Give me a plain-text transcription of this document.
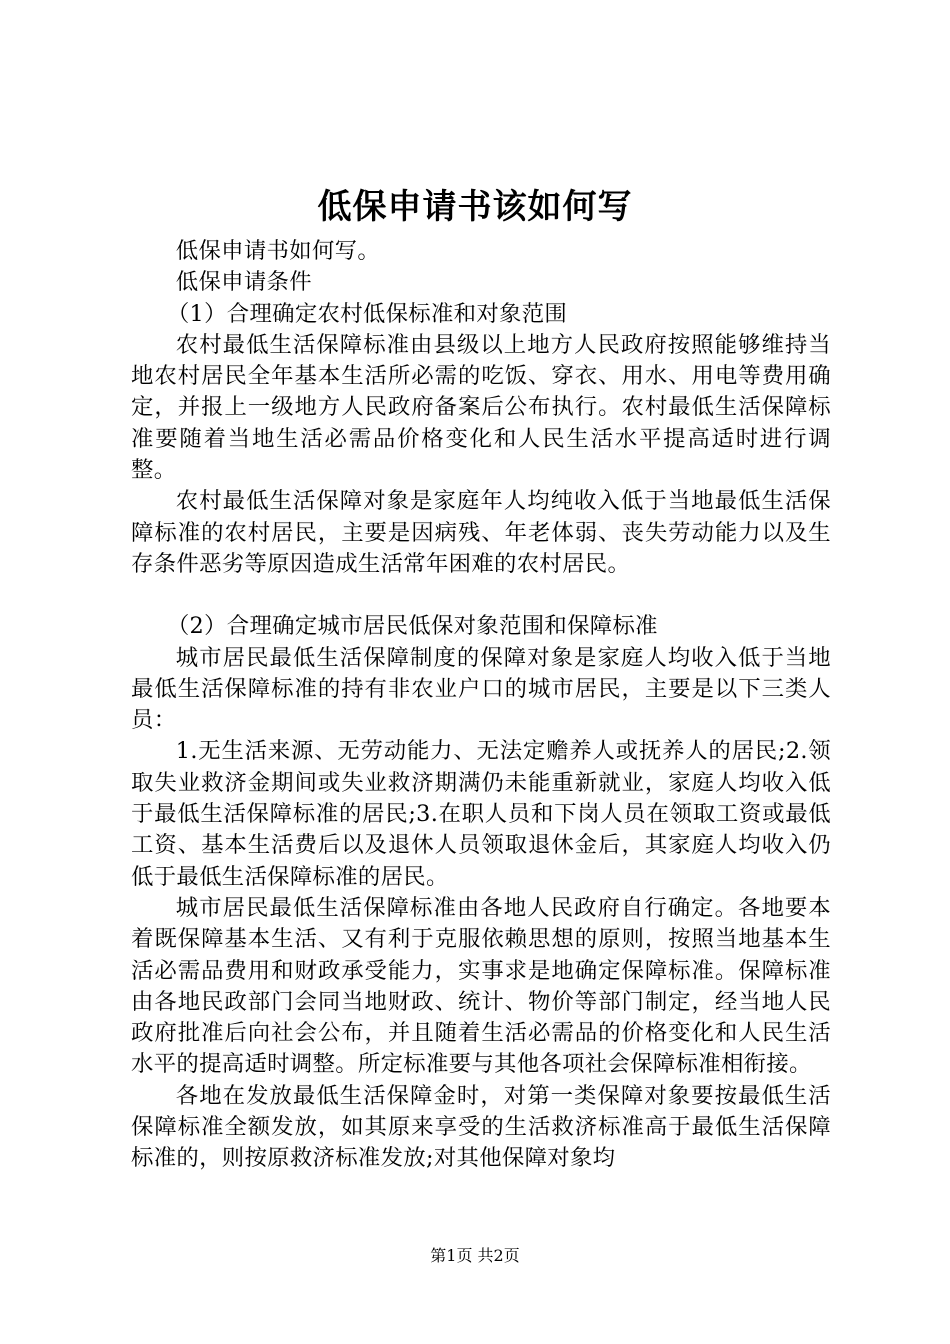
低保申请书该如何写

低保申请书如何写。

低保申请条件

（1）合理确定农村低保标准和对象范围

农村最低生活保障标准由县级以上地方人民政府按照能够维持当地农村居民全年基本生活所必需的吃饭、穿衣、用水、用电等费用确定，并报上一级地方人民政府备案后公布执行。农村最低生活保障标准要随着当地生活必需品价格变化和人民生活水平提高适时进行调整。

农村最低生活保障对象是家庭年人均纯收入低于当地最低生活保障标准的农村居民，主要是因病残、年老体弱、丧失劳动能力以及生存条件恶劣等原因造成生活常年困难的农村居民。

（2）合理确定城市居民低保对象范围和保障标准

城市居民最低生活保障制度的保障对象是家庭人均收入低于当地最低生活保障标准的持有非农业户口的城市居民，主要是以下三类人员：

1.无生活来源、无劳动能力、无法定赡养人或抚养人的居民;2.领取失业救济金期间或失业救济期满仍未能重新就业，家庭人均收入低于最低生活保障标准的居民;3.在职人员和下岗人员在领取工资或最低工资、基本生活费后以及退休人员领取退休金后，其家庭人均收入仍低于最低生活保障标准的居民。

城市居民最低生活保障标准由各地人民政府自行确定。各地要本着既保障基本生活、又有利于克服依赖思想的原则，按照当地基本生活必需品费用和财政承受能力，实事求是地确定保障标准。保障标准由各地民政部门会同当地财政、统计、物价等部门制定，经当地人民政府批准后向社会公布，并且随着生活必需品的价格变化和人民生活水平的提高适时调整。所定标准要与其他各项社会保障标准相衔接。

各地在发放最低生活保障金时，对第一类保障对象要按最低生活保障标准全额发放，如其原来享受的生活救济标准高于最低生活保障标准的，则按原救济标准发放;对其他保障对象均

第1页 共2页
